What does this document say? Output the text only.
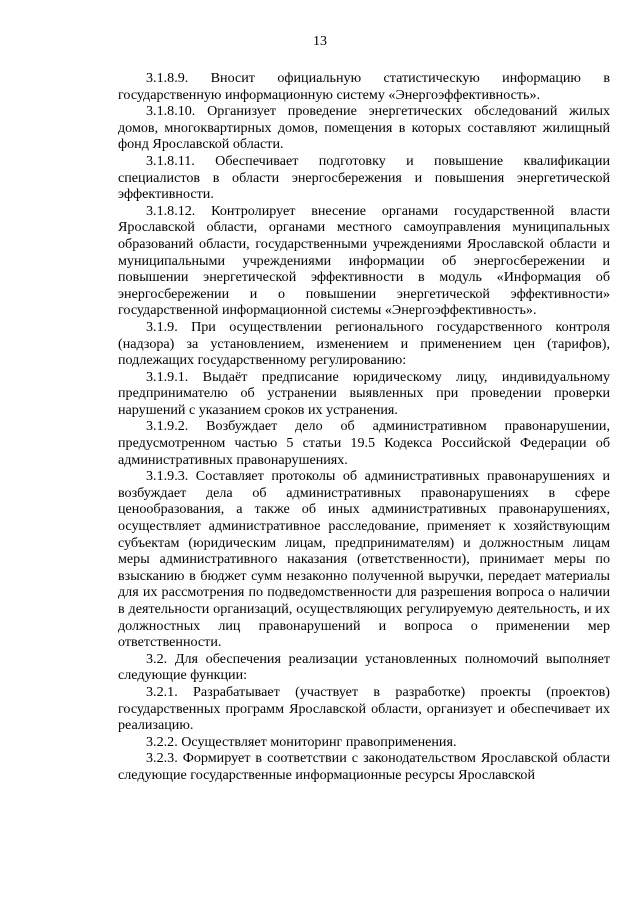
13

3.1.8.9. Вносит официальную статистическую информацию в государственную информационную систему «Энергоэффективность».

3.1.8.10. Организует проведение энергетических обследований жилых домов, многоквартирных домов, помещения в которых составляют жилищный фонд Ярославской области.

3.1.8.11. Обеспечивает подготовку и повышение квалификации специалистов в области энергосбережения и повышения энергетической эффективности.

3.1.8.12. Контролирует внесение органами государственной власти Ярославской области, органами местного самоуправления муниципальных образований области, государственными учреждениями Ярославской области и муниципальными учреждениями информации об энергосбережении и повышении энергетической эффективности в модуль «Информация об энергосбережении и о повышении энергетической эффективности» государственной информационной системы «Энергоэффективность».

3.1.9. При осуществлении регионального государственного контроля (надзора) за установлением, изменением и применением цен (тарифов), подлежащих государственному регулированию:

3.1.9.1. Выдаёт предписание юридическому лицу, индивидуальному предпринимателю об устранении выявленных при проведении проверки нарушений с указанием сроков их устранения.

3.1.9.2. Возбуждает дело об административном правонарушении, предусмотренном частью 5 статьи 19.5 Кодекса Российской Федерации об административных правонарушениях.

3.1.9.3. Составляет протоколы об административных правонарушениях и возбуждает дела об административных правонарушениях в сфере ценообразования, а также об иных административных правонарушениях, осуществляет административное расследование, применяет к хозяйствующим субъектам (юридическим лицам, предпринимателям) и должностным лицам меры административного наказания (ответственности), принимает меры по взысканию в бюджет сумм незаконно полученной выручки, передает материалы для их рассмотрения по подведомственности для разрешения вопроса о наличии в деятельности организаций, осуществляющих регулируемую деятельность, и их должностных лиц правонарушений и вопроса о применении мер ответственности.

3.2. Для обеспечения реализации установленных полномочий выполняет следующие функции:

3.2.1. Разрабатывает (участвует в разработке) проекты (проектов) государственных программ Ярославской области, организует и обеспечивает их реализацию.

3.2.2. Осуществляет мониторинг правоприменения.

3.2.3. Формирует в соответствии с законодательством Ярославской области следующие государственные информационные ресурсы Ярославской
